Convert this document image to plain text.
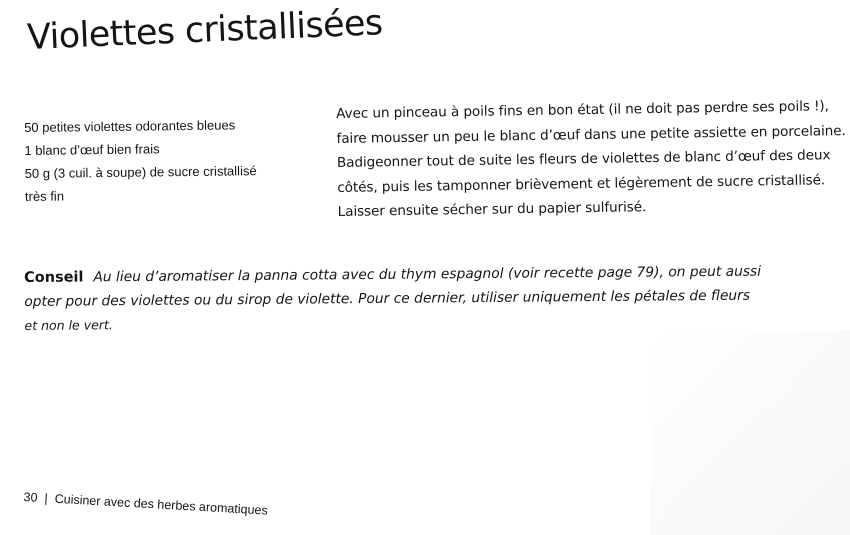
Violettes cristallisées
50 petites violettes odorantes bleues
1 blanc d’œuf bien frais
50 g (3 cuil. à soupe) de sucre cristallisé
très fin

Avec un pinceau à poils fins en bon état (il ne doit pas perdre ses poils !),
faire mousser un peu le blanc d’œuf dans une petite assiette en porcelaine.
Badigeonner tout de suite les fleurs de violettes de blanc d’œuf des deux
côtés, puis les tamponner brièvement et légèrement de sucre cristallisé.
Laisser ensuite sécher sur du papier sulfurisé.

Conseil Au lieu d’aromatiser la panna cotta avec du thym espagnol (voir recette page 79), on peut aussi
opter pour des violettes ou du sirop de violette. Pour ce dernier, utiliser uniquement les pétales de fleurs
et non le vert.

30 | Cuisiner avec des herbes aromatiques
